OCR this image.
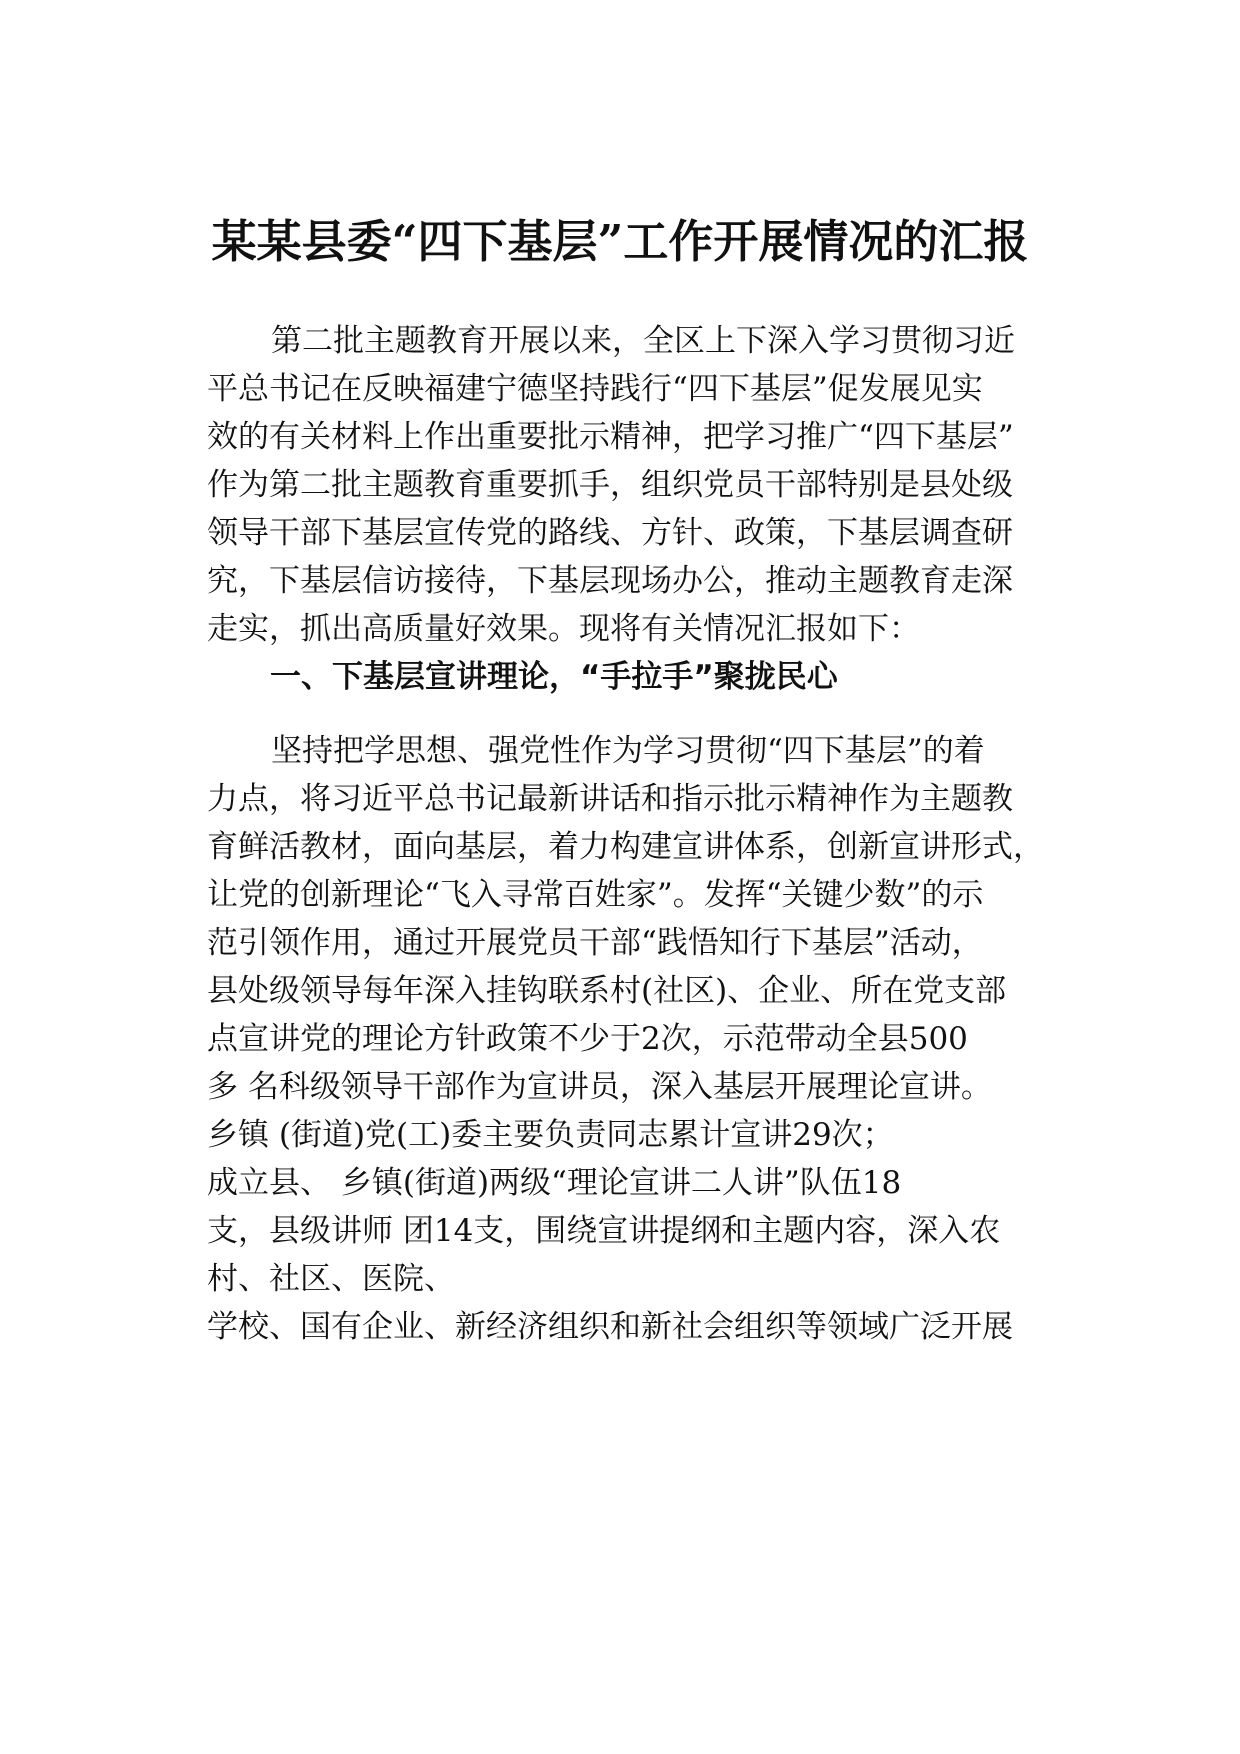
某某县委“四下基层”工作开展情况的汇报
第二批主题教育开展以来，全区上下深入学习贯彻习近
平总书记在反映福建宁德坚持践行“四下基层”促发展见实
效的有关材料上作出重要批示精神，把学习推广“四下基层”
作为第二批主题教育重要抓手，组织党员干部特别是县处级
领导干部下基层宣传党的路线、方针、政策，下基层调查研
究，下基层信访接待，下基层现场办公，推动主题教育走深
走实，抓出高质量好效果。现将有关情况汇报如下：
一、下基层宣讲理论，“手拉手”聚拢民心
坚持把学思想、强党性作为学习贯彻“四下基层”的着
力点，将习近平总书记最新讲话和指示批示精神作为主题教
育鲜活教材，面向基层，着力构建宣讲体系，创新宣讲形式，
让党的创新理论“飞入寻常百姓家”。发挥“关键少数”的示
范引领作用，通过开展党员干部“践悟知行下基层”活动，
县处级领导每年深入挂钩联系村(社区)、企业、所在党支部
点宣讲党的理论方针政策不少于2次，示范带动全县500
多 名科级领导干部作为宣讲员，深入基层开展理论宣讲。
乡镇 (街道)党(工)委主要负责同志累计宣讲29次；
成立县、 乡镇(街道)两级“理论宣讲二人讲”队伍18
支，县级讲师 团14支，围绕宣讲提纲和主题内容，深入农
村、社区、医院、
学校、国有企业、新经济组织和新社会组织等领域广泛开展
